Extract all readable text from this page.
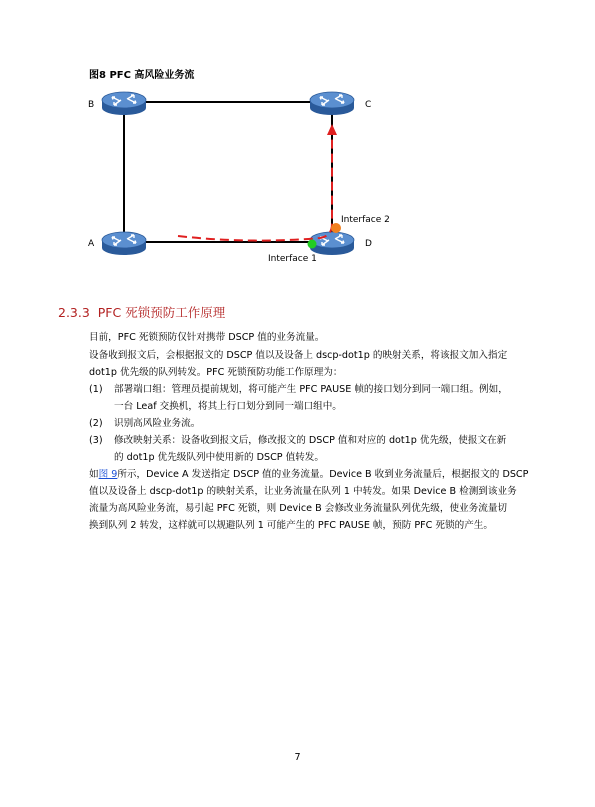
图8 PFC 高风险业务流
B	C
A	D
Interface 2
Interface 1
2.3.3 PFC 死锁预防工作原理
目前，PFC 死锁预防仅针对携带 DSCP 值的业务流量。
设备收到报文后，会根据报文的 DSCP 值以及设备上 dscp-dot1p 的映射关系，将该报文加入指定
dot1p 优先级的队列转发。PFC 死锁预防功能工作原理为：
(1) 部署端口组：管理员提前规划，将可能产生 PFC PAUSE 帧的接口划分到同一端口组。例如，
一台 Leaf 交换机，将其上行口划分到同一端口组中。
(2) 识别高风险业务流。
(3) 修改映射关系：设备收到报文后，修改报文的 DSCP 值和对应的 dot1p 优先级，使报文在新
的 dot1p 优先级队列中使用新的 DSCP 值转发。
如图 9所示，Device A 发送指定 DSCP 值的业务流量。Device B 收到业务流量后，根据报文的 DSCP
值以及设备上 dscp-dot1p 的映射关系，让业务流量在队列 1 中转发。如果 Device B 检测到该业务
流量为高风险业务流，易引起 PFC 死锁，则 Device B 会修改业务流量队列优先级，使业务流量切
换到队列 2 转发，这样就可以规避队列 1 可能产生的 PFC PAUSE 帧，预防 PFC 死锁的产生。
7
